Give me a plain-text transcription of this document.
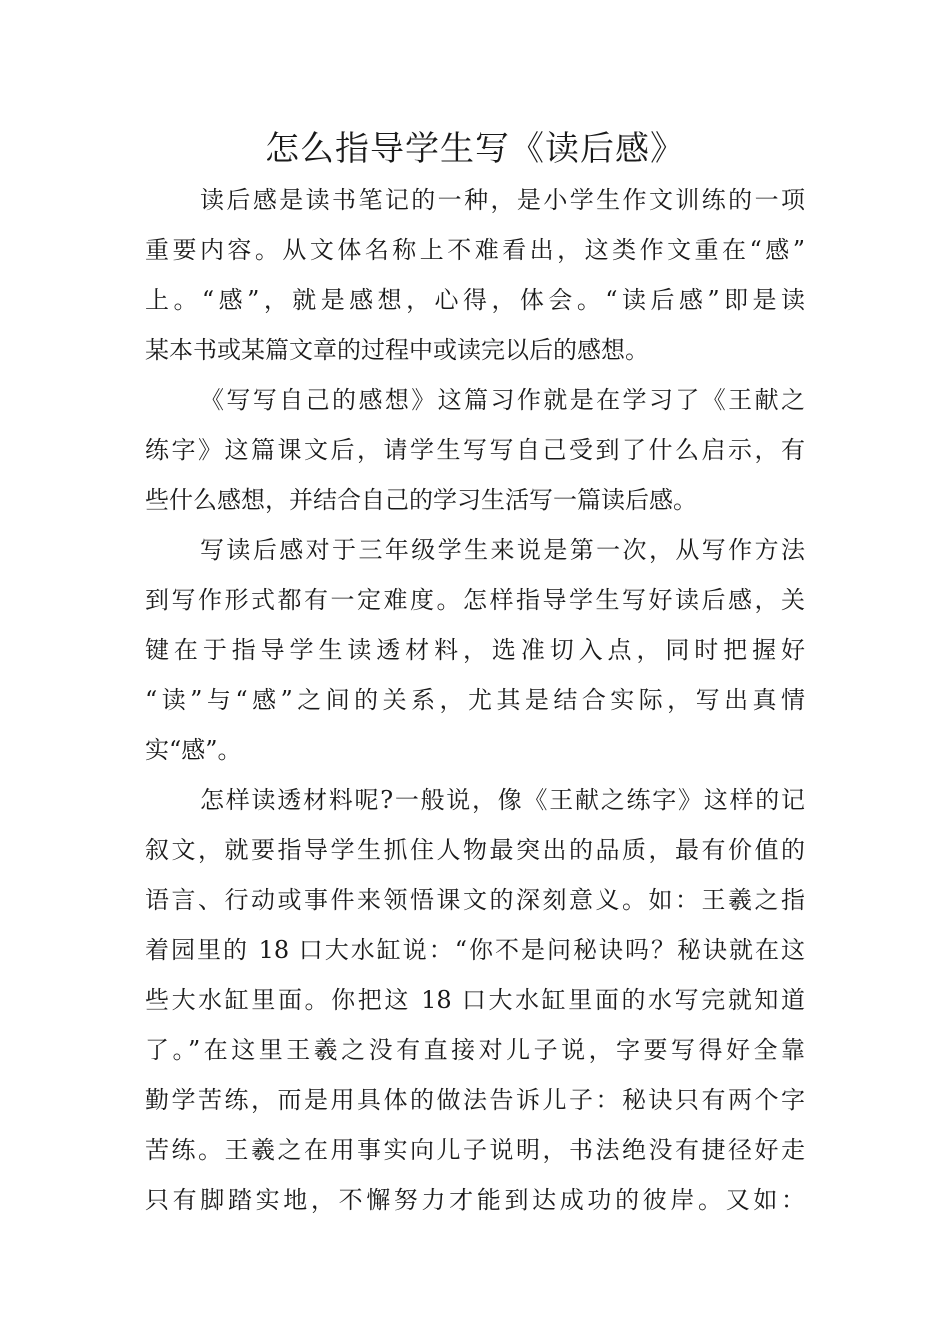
怎么指导学生写《读后感》
读后感是读书笔记的一种，是小学生作文训练的一项
重要内容。从文体名称上不难看出，这类作文重在“感”
上。“感”，就是感想，心得，体会。“读后感”即是读
某本书或某篇文章的过程中或读完以后的感想。
《写写自己的感想》这篇习作就是在学习了《王献之
练字》这篇课文后，请学生写写自己受到了什么启示，有
些什么感想，并结合自己的学习生活写一篇读后感。
写读后感对于三年级学生来说是第一次，从写作方法
到写作形式都有一定难度。怎样指导学生写好读后感，关
键在于指导学生读透材料，选准切入点，同时把握好
“读”与“感”之间的关系，尤其是结合实际，写出真情
实“感”。
怎样读透材料呢?一般说，像《王献之练字》这样的记
叙文，就要指导学生抓住人物最突出的品质，最有价值的
语言、行动或事件来领悟课文的深刻意义。如：王羲之指
着园里的 18 口大水缸说：“你不是问秘诀吗？秘诀就在这
些大水缸里面。你把这 18 口大水缸里面的水写完就知道
了。”在这里王羲之没有直接对儿子说，字要写得好全靠
勤学苦练，而是用具体的做法告诉儿子：秘诀只有两个字
苦练。王羲之在用事实向儿子说明，书法绝没有捷径好走
只有脚踏实地，不懈努力才能到达成功的彼岸。又如：
